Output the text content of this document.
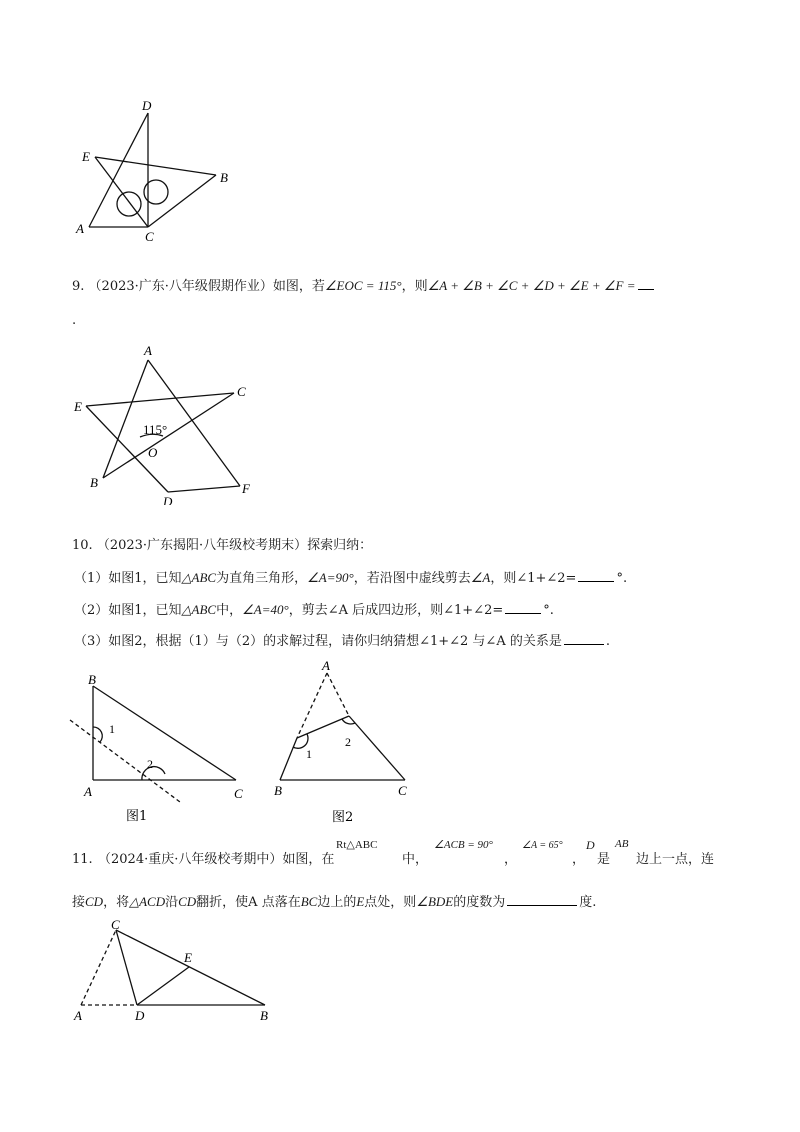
D
E
B
A
C
9. （2023·广东·八年级假期作业）如图，若∠EOC = 115°，则∠A + ∠B + ∠C + ∠D + ∠E + ∠F =
.
A
C
E
115°
O
B
D
F
10. （2023·广东揭阳·八年级校考期末）探索归纳：
（1）如图1，已知△ABC为直角三角形，∠A=90°，若沿图中虚线剪去∠A，则∠1+∠2=	°.
（2）如图1，已知△ABC中，∠A=40°，剪去∠A 后成四边形，则∠1+∠2=	°.
（3）如图2，根据（1）与（2）的求解过程，请你归纳猜想∠1+∠2 与∠A 的关系是	.
B
1
2
A	C
图1
A
2
1
B	C
图2
11. （2024·重庆·八年级校考期中）如图，在
Rt△ABC
中，
∠ACB = 90°
，
∠A = 65°
，
D
是
AB
边上一点，连
接CD，将△ACD沿CD翻折，使A 点落在BC边上的E点处，则∠BDE的度数为	度.
C
E
A	D	B
